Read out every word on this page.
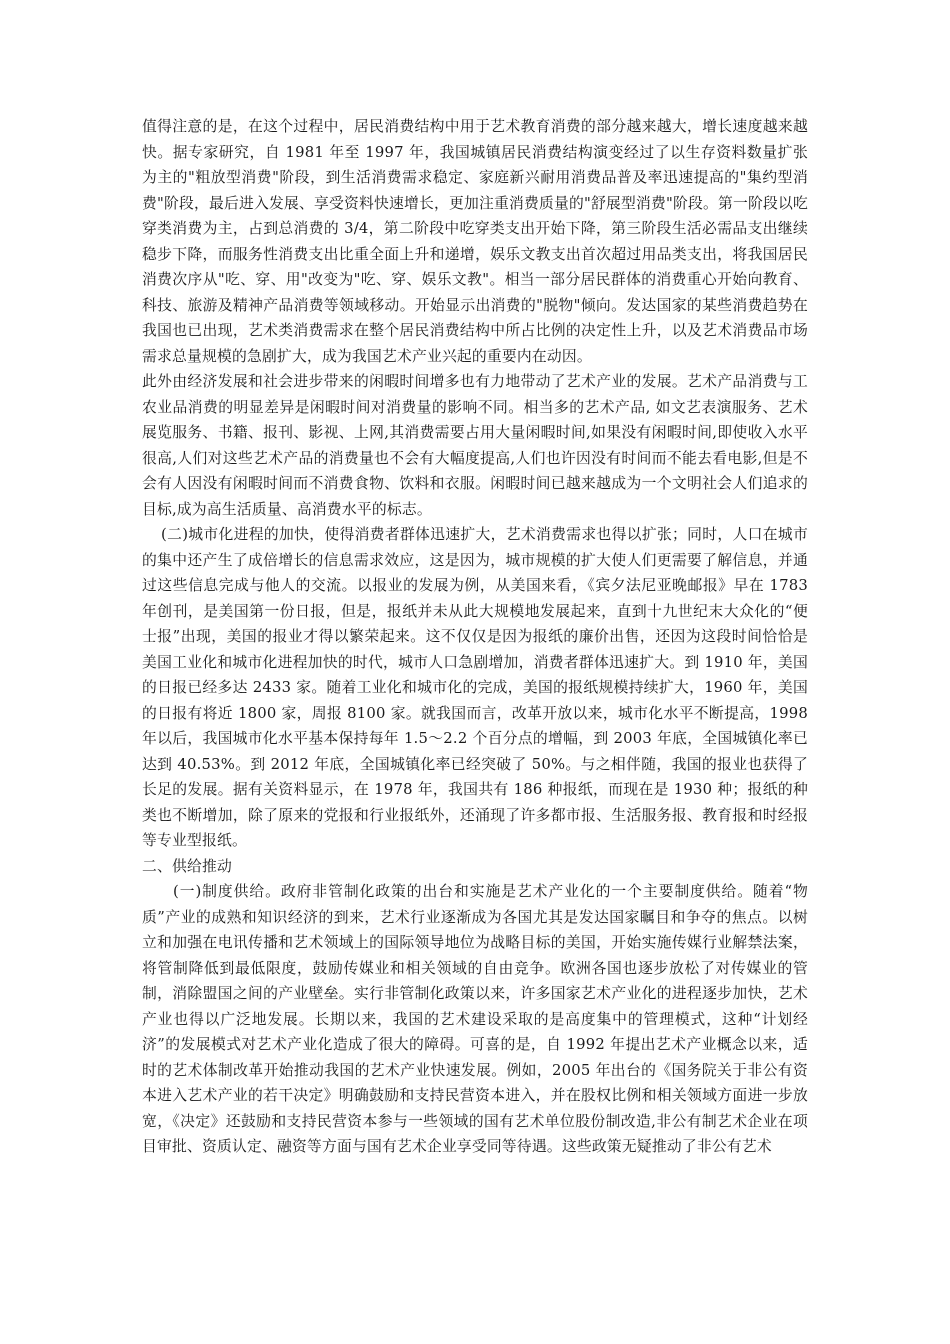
值得注意的是，在这个过程中，居民消费结构中用于艺术教育消费的部分越来越大，增长速度越来越快。据专家研究，自 1981 年至 1997 年，我国城镇居民消费结构演变经过了以生存资料数量扩张为主的"粗放型消费"阶段，到生活消费需求稳定、家庭新兴耐用消费品普及率迅速提高的"集约型消费"阶段，最后进入发展、享受资料快速增长，更加注重消费质量的"舒展型消费"阶段。第一阶段以吃穿类消费为主，占到总消费的 3/4，第二阶段中吃穿类支出开始下降，第三阶段生活必需品支出继续稳步下降，而服务性消费支出比重全面上升和递增，娱乐文教支出首次超过用品类支出，将我国居民消费次序从"吃、穿、用"改变为"吃、穿、娱乐文教"。相当一部分居民群体的消费重心开始向教育、科技、旅游及精神产品消费等领域移动。开始显示出消费的"脱物"倾向。发达国家的某些消费趋势在我国也已出现，艺术类消费需求在整个居民消费结构中所占比例的决定性上升，以及艺术消费品市场需求总量规模的急剧扩大，成为我国艺术产业兴起的重要内在动因。

此外由经济发展和社会进步带来的闲暇时间增多也有力地带动了艺术产业的发展。艺术产品消费与工农业品消费的明显差异是闲暇时间对消费量的影响不同。相当多的艺术产品, 如文艺表演服务、艺术展览服务、书籍、报刊、影视、上网,其消费需要占用大量闲暇时间,如果没有闲暇时间,即使收入水平很高,人们对这些艺术产品的消费量也不会有大幅度提高,人们也许因没有时间而不能去看电影,但是不会有人因没有闲暇时间而不消费食物、饮料和衣服。闲暇时间已越来越成为一个文明社会人们追求的目标,成为高生活质量、高消费水平的标志。

(二)城市化进程的加快，使得消费者群体迅速扩大，艺术消费需求也得以扩张；同时，人口在城市的集中还产生了成倍增长的信息需求效应，这是因为，城市规模的扩大使人们更需要了解信息，并通过这些信息完成与他人的交流。以报业的发展为例，从美国来看，《宾夕法尼亚晚邮报》早在 1783 年创刊，是美国第一份日报，但是，报纸并未从此大规模地发展起来，直到十九世纪末大众化的“便士报”出现，美国的报业才得以繁荣起来。这不仅仅是因为报纸的廉价出售，还因为这段时间恰恰是美国工业化和城市化进程加快的时代，城市人口急剧增加，消费者群体迅速扩大。到 1910 年，美国的日报已经多达 2433 家。随着工业化和城市化的完成，美国的报纸规模持续扩大，1960 年，美国的日报有将近 1800 家，周报 8100 家。就我国而言，改革开放以来，城市化水平不断提高，1998 年以后，我国城市化水平基本保持每年 1.5～2.2 个百分点的增幅，到 2003 年底，全国城镇化率已达到 40.53%。到 2012 年底，全国城镇化率已经突破了 50%。与之相伴随，我国的报业也获得了长足的发展。据有关资料显示，在 1978 年，我国共有 186 种报纸，而现在是 1930 种；报纸的种类也不断增加，除了原来的党报和行业报纸外，还涌现了许多都市报、生活服务报、教育报和时经报等专业型报纸。

二、供给推动

(一)制度供给。政府非管制化政策的出台和实施是艺术产业化的一个主要制度供给。随着“物质”产业的成熟和知识经济的到来，艺术行业逐渐成为各国尤其是发达国家瞩目和争夺的焦点。以树立和加强在电讯传播和艺术领域上的国际领导地位为战略目标的美国，开始实施传媒行业解禁法案，将管制降低到最低限度，鼓励传媒业和相关领域的自由竞争。欧洲各国也逐步放松了对传媒业的管制，消除盟国之间的产业壁垒。实行非管制化政策以来，许多国家艺术产业化的进程逐步加快，艺术产业也得以广泛地发展。长期以来，我国的艺术建设采取的是高度集中的管理模式，这种“计划经济”的发展模式对艺术产业化造成了很大的障碍。可喜的是，自 1992 年提出艺术产业概念以来，适时的艺术体制改革开始推动我国的艺术产业快速发展。例如，2005 年出台的《国务院关于非公有资本进入艺术产业的若干决定》明确鼓励和支持民营资本进入，并在股权比例和相关领域方面进一步放宽，《决定》还鼓励和支持民营资本参与一些领域的国有艺术单位股份制改造,非公有制艺术企业在项目审批、资质认定、融资等方面与国有艺术企业享受同等待遇。这些政策无疑推动了非公有艺术
